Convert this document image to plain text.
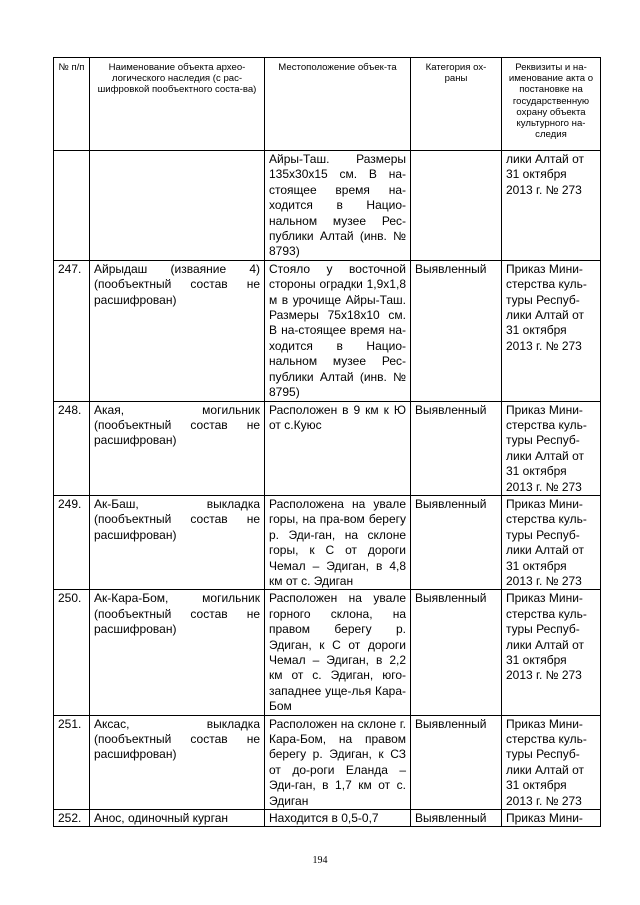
№ п/п	Наименование объекта архео-логического наследия (с рас-шифровкой пообъектного соста-ва)	Местоположение объек-та	Категория ох-раны	Реквизиты и на-именование акта о постановке на государственную охрану объекта культурного на-следия
		Айры-Таш. Размеры 135х30х15 см. В на-стоящее время на-ходится в Нацио-нальном музее Рес-публики Алтай (инв. № 8793)		лики Алтай от 31 октября 2013 г. № 273
247.	Айрыдаш (изваяние 4) (пообъектный состав не расшифрован)	Стояло у восточной стороны оградки 1,9х1,8 м в урочище Айры-Таш. Размеры 75х18х10 см. В на-стоящее время на-ходится в Нацио-нальном музее Рес-публики Алтай (инв. № 8795)	Выявленный	Приказ Мини-стерства куль-туры Респуб-лики Алтай от 31 октября 2013 г. № 273
248.	Акая, могильник (пообъектный состав не расшифрован)	Расположен в 9 км к Ю от с.Куюс	Выявленный	Приказ Мини-стерства куль-туры Респуб-лики Алтай от 31 октября 2013 г. № 273
249.	Ак-Баш, выкладка (пообъектный состав не расшифрован)	Расположена на увале горы, на пра-вом берегу р. Эди-ган, на склоне горы, к С от дороги Чемал – Эдиган, в 4,8 км от с. Эдиган	Выявленный	Приказ Мини-стерства куль-туры Респуб-лики Алтай от 31 октября 2013 г. № 273
250.	Ак-Кара-Бом, могильник (пообъектный состав не расшифрован)	Расположен на увале горного склона, на правом берегу р. Эдиган, к С от дороги Чемал – Эдиган, в 2,2 км от с. Эдиган, юго-западнее уще-лья Кара-Бом	Выявленный	Приказ Мини-стерства куль-туры Респуб-лики Алтай от 31 октября 2013 г. № 273
251.	Аксас, выкладка (пообъектный состав не расшифрован)	Расположен на склоне г. Кара-Бом, на правом берегу р. Эдиган, к СЗ от до-роги Еланда – Эди-ган, в 1,7 км от с. Эдиган	Выявленный	Приказ Мини-стерства куль-туры Респуб-лики Алтай от 31 октября 2013 г. № 273
252.	Анос, одиночный курган	Находится в 0,5-0,7	Выявленный	Приказ Мини-
194
